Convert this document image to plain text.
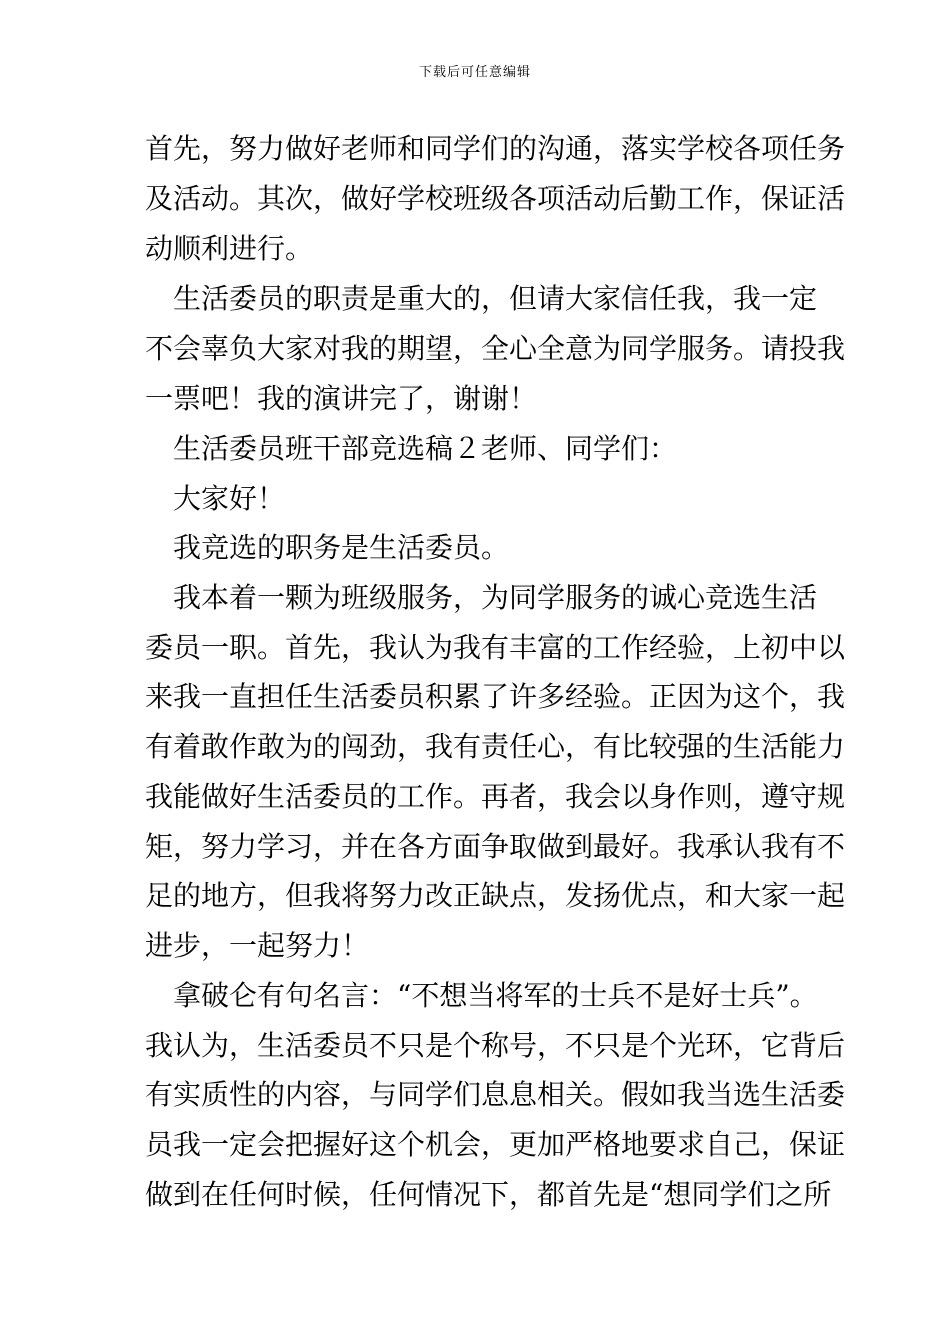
下载后可任意编辑
首先，努力做好老师和同学们的沟通，落实学校各项任务
及活动。其次，做好学校班级各项活动后勤工作，保证活
动顺利进行。
　生活委员的职责是重大的，但请大家信任我，我一定
不会辜负大家对我的期望，全心全意为同学服务。请投我
一票吧！我的演讲完了，谢谢！
　生活委员班干部竞选稿２老师、同学们：
　大家好！
　我竞选的职务是生活委员。
　我本着一颗为班级服务，为同学服务的诚心竞选生活
委员一职。首先，我认为我有丰富的工作经验，上初中以
来我一直担任生活委员积累了许多经验。正因为这个，我
有着敢作敢为的闯劲，我有责任心，有比较强的生活能力
我能做好生活委员的工作。再者，我会以身作则，遵守规
矩，努力学习，并在各方面争取做到最好。我承认我有不
足的地方，但我将努力改正缺点，发扬优点，和大家一起
进步，一起努力！
　拿破仑有句名言：“不想当将军的士兵不是好士兵”。
我认为，生活委员不只是个称号，不只是个光环，它背后
有实质性的内容，与同学们息息相关。假如我当选生活委
员我一定会把握好这个机会，更加严格地要求自己，保证
做到在任何时候，任何情况下，都首先是“想同学们之所
